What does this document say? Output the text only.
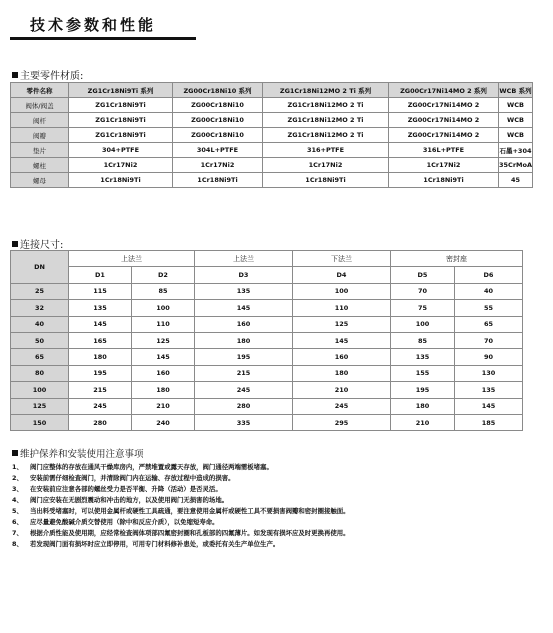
技术参数和性能
主要零件材质:
零件名称	ZG1Cr18Ni9Ti 系列	ZG00Cr18Ni10 系列	ZG1Cr18Ni12MO 2 Ti 系列	ZG00Cr17Ni14MO 2 系列	WCB 系列
阀体/阀盖	ZG1Cr18Ni9Ti	ZG00Cr18Ni10	ZG1Cr18Ni12MO 2 Ti	ZG00Cr17Ni14MO 2	WCB
阀杆	ZG1Cr18Ni9Ti	ZG00Cr18Ni10	ZG1Cr18Ni12MO 2 Ti	ZG00Cr17Ni14MO 2	WCB
阀瓣	ZG1Cr18Ni9Ti	ZG00Cr18Ni10	ZG1Cr18Ni12MO 2 Ti	ZG00Cr17Ni14MO 2	WCB
垫片	304+PTFE	304L+PTFE	316+PTFE	316L+PTFE	石墨+304
螺柱	1Cr17Ni2	1Cr17Ni2	1Cr17Ni2	1Cr17Ni2	35CrMoA
螺母	1Cr18Ni9Ti	1Cr18Ni9Ti	1Cr18Ni9Ti	1Cr18Ni9Ti	45
连接尺寸:
DN	上法兰		上法兰	下法兰	密封座	
	D1	D2	D3	D4	D5	D6
25	115	85	135	100	70	40
32	135	100	145	110	75	55
40	145	110	160	125	100	65
50	165	125	180	145	85	70
65	180	145	195	160	135	90
80	195	160	215	180	155	130
100	215	180	245	210	195	135
125	245	210	280	245	180	145
150	280	240	335	295	210	185
维护保养和安装使用注意事项
1、 阀门应整体的存放在通风干燥库房内，严禁堆置或露天存放，阀门通径两端需板堵塞。
2、 安装前需仔细检查阀门，并清除阀门内在运输、存放过程中造成的损害。
3、 在安装前应注意各部的螺丝受力是否平衡、升降（活动）是否灵活。
4、 阀门应安装在无剧烈震动和冲击的地方，以及使用阀门无损害的场地。
5、 当出料受堵塞时，可以使用金属杆或硬性工具疏通，要注意使用金属杆或硬性工具不要损害阀瓣和密封圈接触面。
6、 应尽量避免酸碱介质交替使用（除中和反应介质），以免缩短寿命。
7、 根据介质性能及使用期，应经常检查阀体项部四氟密封圈和孔板部的四氟薄片。如发现有损坏应及时更换再使用。
8、 若发现阀门面有损坏时应立即停用，可用专门材料修补患处，或委托有关生产单位生产。
